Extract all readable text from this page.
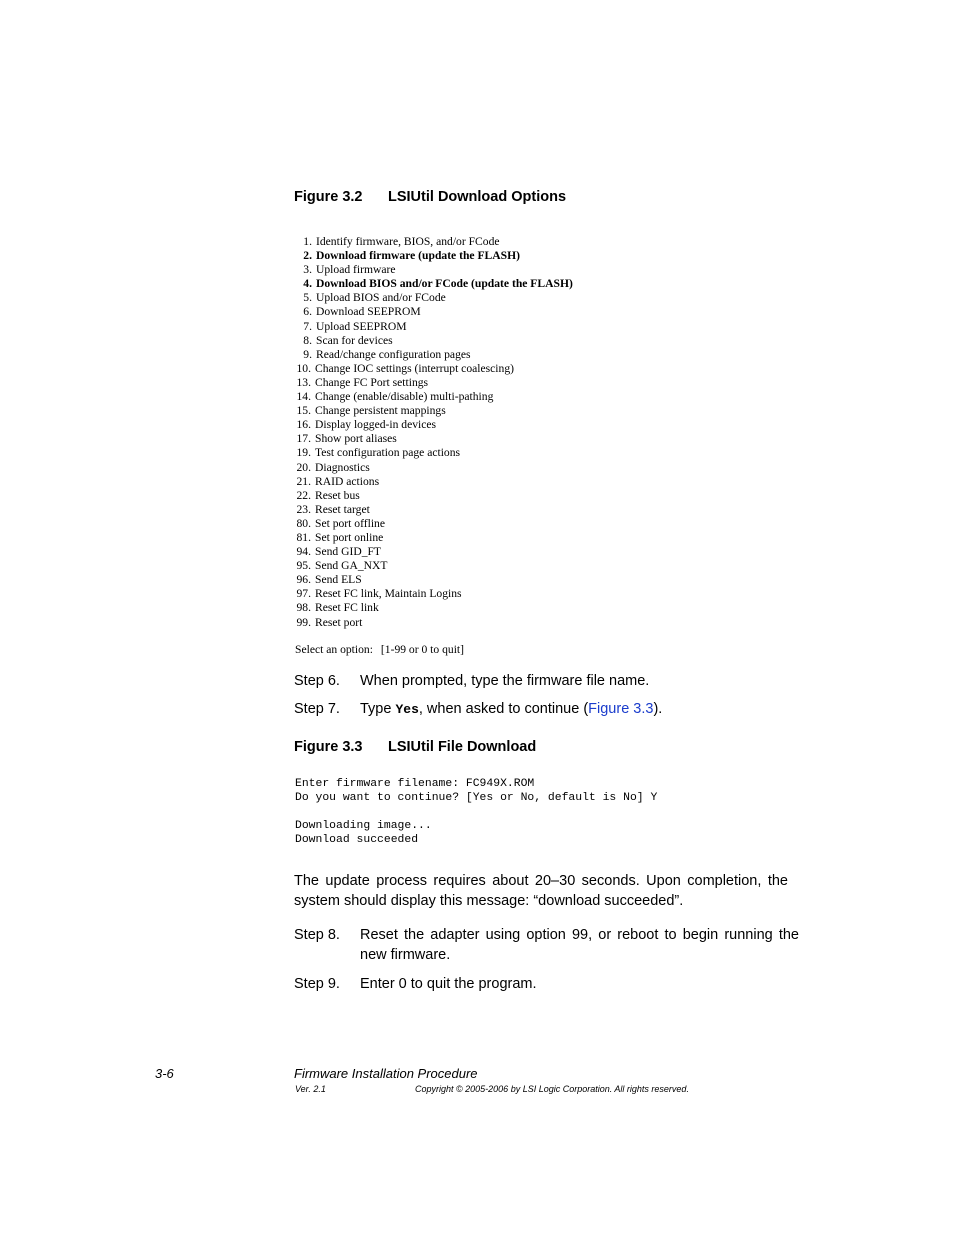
Figure 3.2 LSIUtil Download Options
1. Identify firmware, BIOS, and/or FCode
2. Download firmware (update the FLASH)
3. Upload firmware
4. Download BIOS and/or FCode (update the FLASH)
5. Upload BIOS and/or FCode
6. Download SEEPROM
7. Upload SEEPROM
8. Scan for devices
9. Read/change configuration pages
10. Change IOC settings (interrupt coalescing)
13. Change FC Port settings
14. Change (enable/disable) multi-pathing
15. Change persistent mappings
16. Display logged-in devices
17. Show port aliases
19. Test configuration page actions
20. Diagnostics
21. RAID actions
22. Reset bus
23. Reset target
80. Set port offline
81. Set port online
94. Send GID_FT
95. Send GA_NXT
96. Send ELS
97. Reset FC link, Maintain Logins
98. Reset FC link
99. Reset port
Select an option: [1-99 or 0 to quit]
Step 6. When prompted, type the firmware file name.
Step 7. Type Yes, when asked to continue (Figure 3.3).
Figure 3.3 LSIUtil File Download
Enter firmware filename: FC949X.ROM
Do you want to continue? [Yes or No, default is No] Y
Downloading image...
Download succeeded
The update process requires about 20–30 seconds. Upon completion, the system should display this message: “download succeeded”.
Step 8. Reset the adapter using option 99, or reboot to begin running the new firmware.
Step 9. Enter 0 to quit the program.
3-6	Firmware Installation Procedure
Ver. 2.1	Copyright © 2005-2006 by LSI Logic Corporation. All rights reserved.
